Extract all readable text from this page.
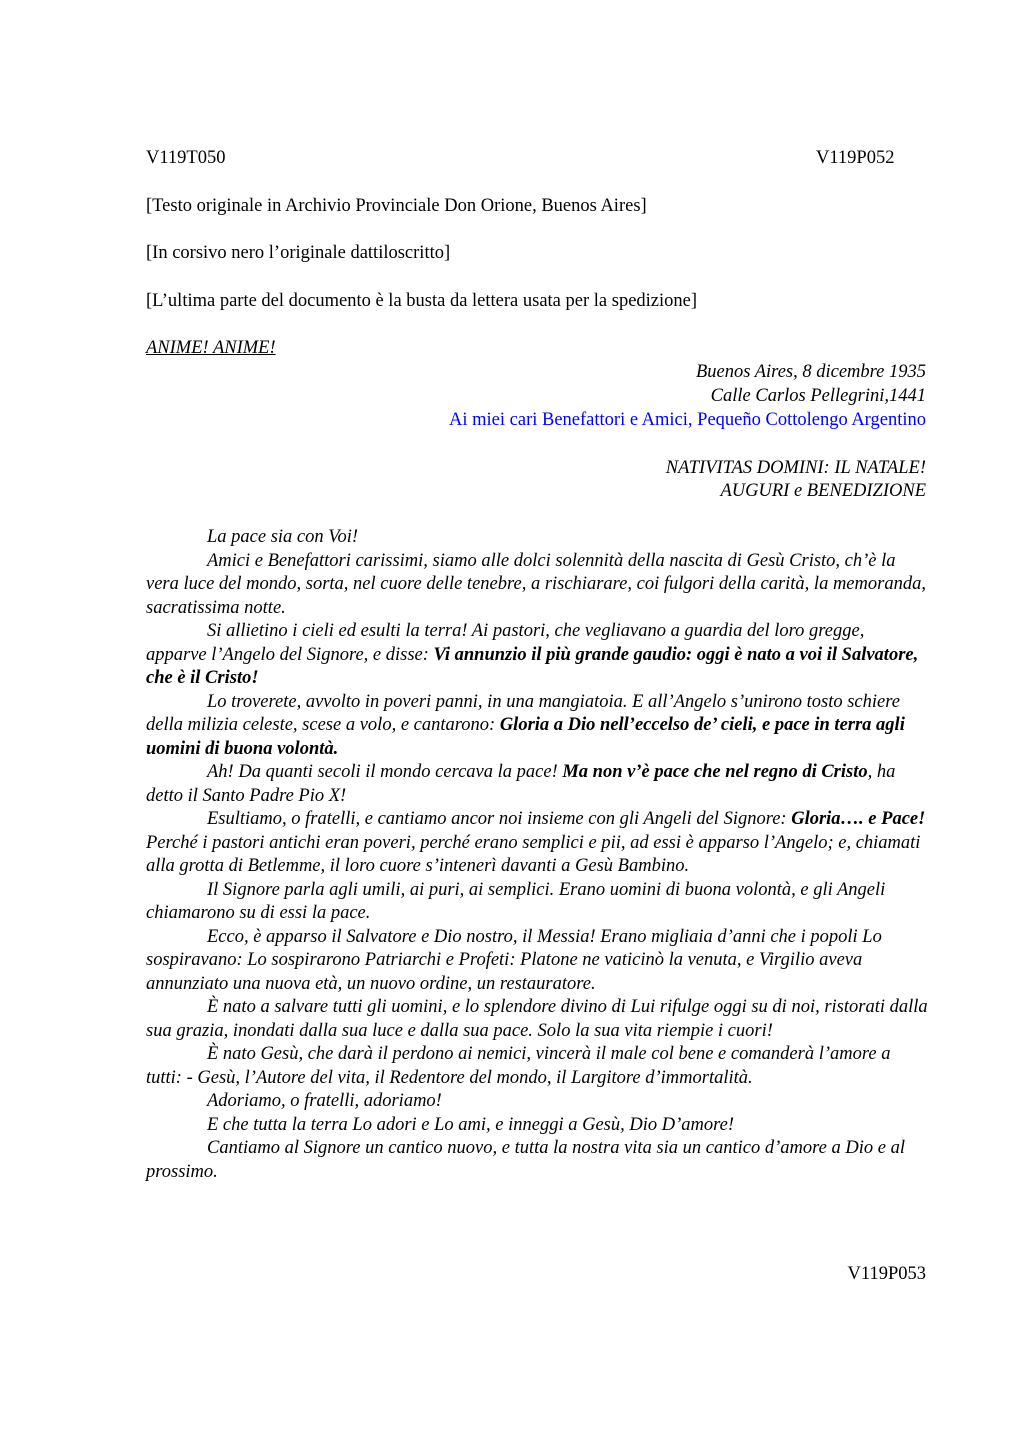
V119T050	V119P052
[Testo originale in Archivio Provinciale Don Orione, Buenos Aires]
[In corsivo nero l’originale dattiloscritto]
[L’ultima parte del documento è la busta da lettera usata per la spedizione]
ANIME! ANIME!
Buenos Aires, 8 dicembre 1935
Calle Carlos Pellegrini,1441
Ai miei cari Benefattori e Amici, Pequeño Cottolengo Argentino
NATIVITAS DOMINI: IL NATALE!
AUGURI e BENEDIZIONE

La pace sia con Voi!

Amici e Benefattori carissimi, siamo alle dolci solennità della nascita di Gesù Cristo, ch’è la vera luce del mondo, sorta, nel cuore delle tenebre, a rischiarare, coi fulgori della carità, la memoranda, sacratissima notte.

Si allietino i cieli ed esulti la terra! Ai pastori, che vegliavano a guardia del loro gregge, apparve l’Angelo del Signore, e disse: Vi annunzio il più grande gaudio: oggi è nato a voi il Salvatore, che è il Cristo!

Lo troverete, avvolto in poveri panni, in una mangiatoia. E all’Angelo s’unirono tosto schiere della milizia celeste, scese a volo, e cantarono: Gloria a Dio nell’eccelso de’ cieli, e pace in terra agli uomini di buona volontà.

Ah! Da quanti secoli il mondo cercava la pace! Ma non v’è pace che nel regno di Cristo, ha detto il Santo Padre Pio X!

Esultiamo, o fratelli, e cantiamo ancor noi insieme con gli Angeli del Signore: Gloria…. e Pace!

Perché i pastori antichi eran poveri, perché erano semplici e pii, ad essi è apparso l’Angelo; e, chiamati alla grotta di Betlemme, il loro cuore s’intenerì davanti a Gesù Bambino.

Il Signore parla agli umili, ai puri, ai semplici. Erano uomini di buona volontà, e gli Angeli chiamarono su di essi la pace.

Ecco, è apparso il Salvatore e Dio nostro, il Messia! Erano migliaia d’anni che i popoli Lo sospiravano: Lo sospirarono Patriarchi e Profeti: Platone ne vaticinò la venuta, e Virgilio aveva annunziato una nuova età, un nuovo ordine, un restauratore.

È nato a salvare tutti gli uomini, e lo splendore divino di Lui rifulge oggi su di noi, ristorati dalla sua grazia, inondati dalla sua luce e dalla sua pace. Solo la sua vita riempie i cuori!

È nato Gesù, che darà il perdono ai nemici, vincerà il male col bene e comanderà l’amore a tutti: - Gesù, l’Autore del vita, il Redentore del mondo, il Largitore d’immortalità.

Adoriamo, o fratelli, adoriamo!

E che tutta la terra Lo adori e Lo ami, e inneggi a Gesù, Dio D’amore!

Cantiamo al Signore un cantico nuovo, e tutta la nostra vita sia un cantico d’amore a Dio e al prossimo.

V119P053
